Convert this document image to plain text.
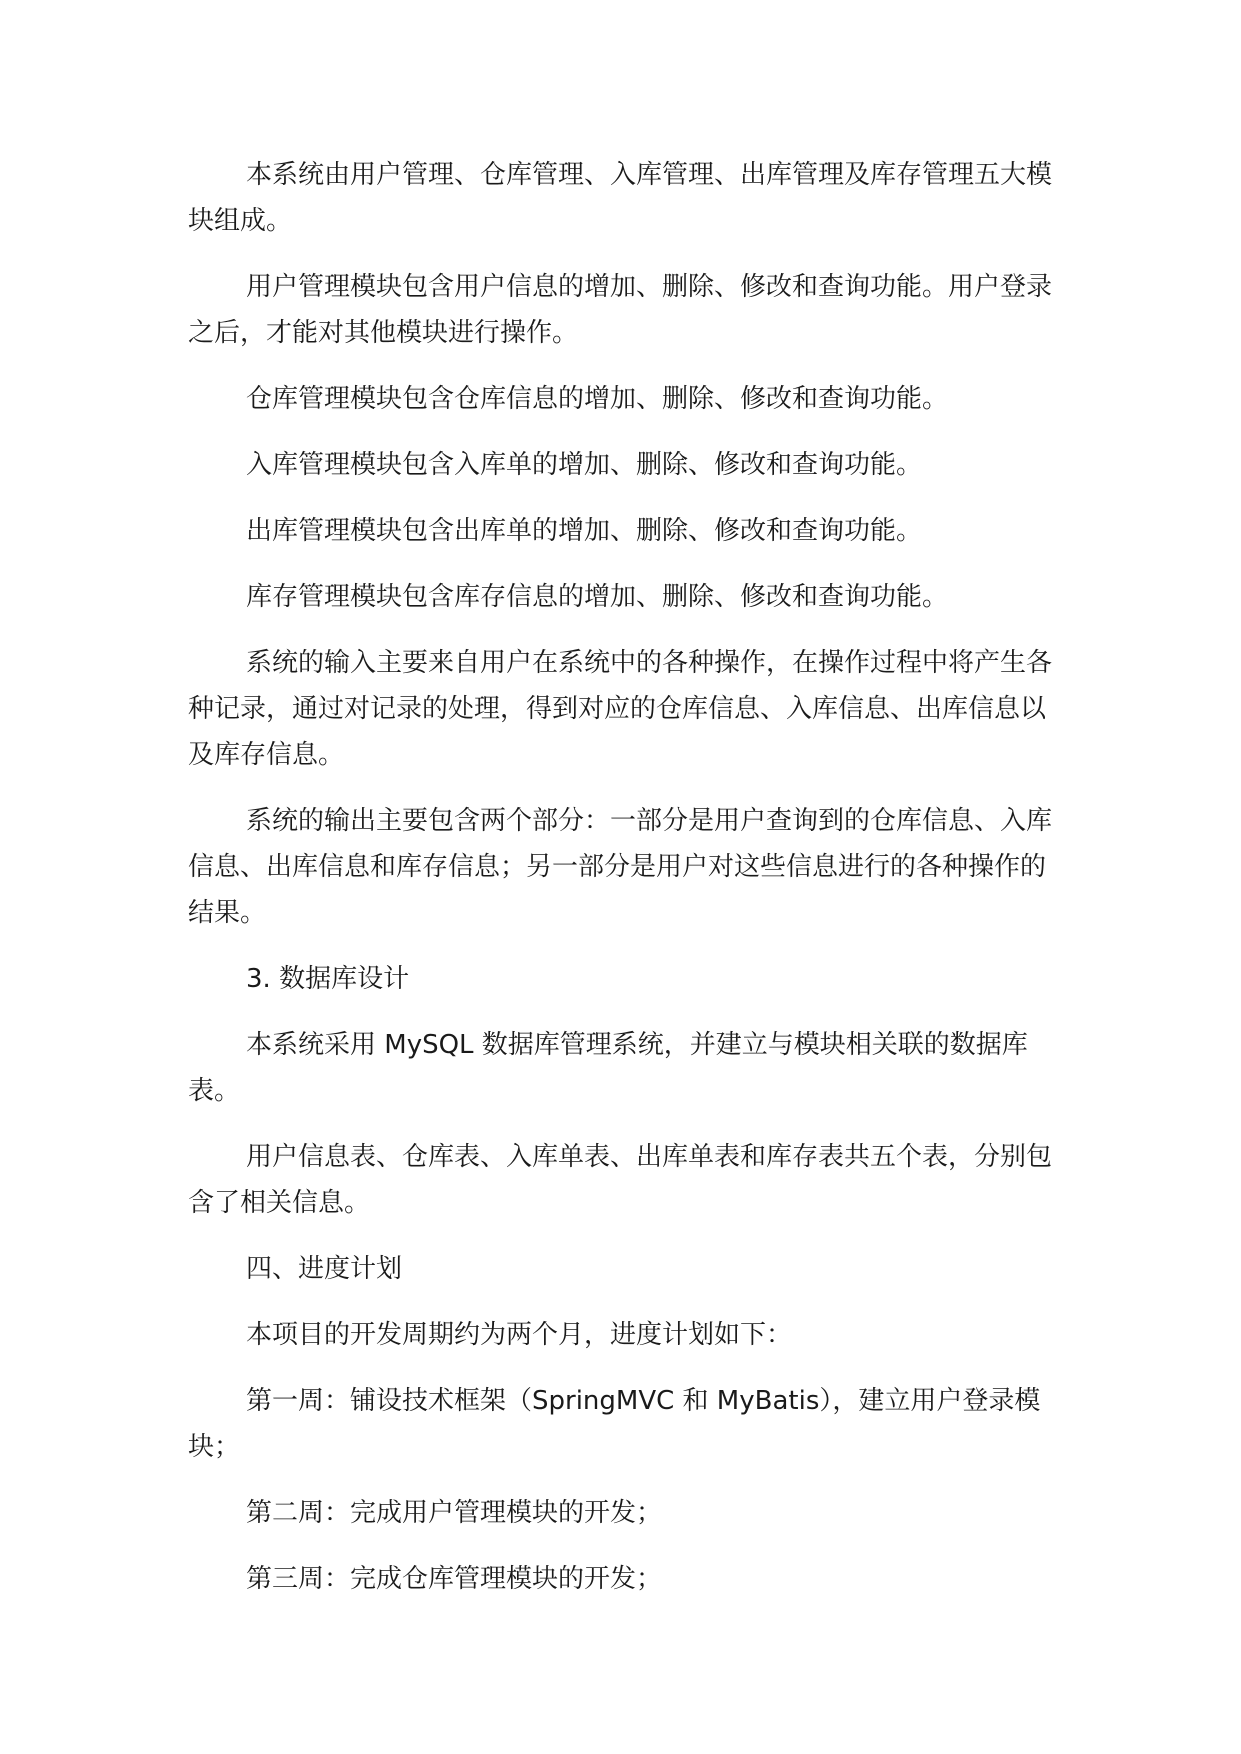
本系统由用户管理、仓库管理、入库管理、出库管理及库存管理五大模块组成。

用户管理模块包含用户信息的增加、删除、修改和查询功能。用户登录之后，才能对其他模块进行操作。

仓库管理模块包含仓库信息的增加、删除、修改和查询功能。

入库管理模块包含入库单的增加、删除、修改和查询功能。

出库管理模块包含出库单的增加、删除、修改和查询功能。

库存管理模块包含库存信息的增加、删除、修改和查询功能。

系统的输入主要来自用户在系统中的各种操作，在操作过程中将产生各种记录，通过对记录的处理，得到对应的仓库信息、入库信息、出库信息以及库存信息。

系统的输出主要包含两个部分：一部分是用户查询到的仓库信息、入库信息、出库信息和库存信息；另一部分是用户对这些信息进行的各种操作的结果。

3. 数据库设计

本系统采用 MySQL 数据库管理系统，并建立与模块相关联的数据库表。

用户信息表、仓库表、入库单表、出库单表和库存表共五个表，分别包含了相关信息。

四、进度计划

本项目的开发周期约为两个月，进度计划如下：

第一周：铺设技术框架（SpringMVC 和 MyBatis），建立用户登录模块；

第二周：完成用户管理模块的开发；

第三周：完成仓库管理模块的开发；
